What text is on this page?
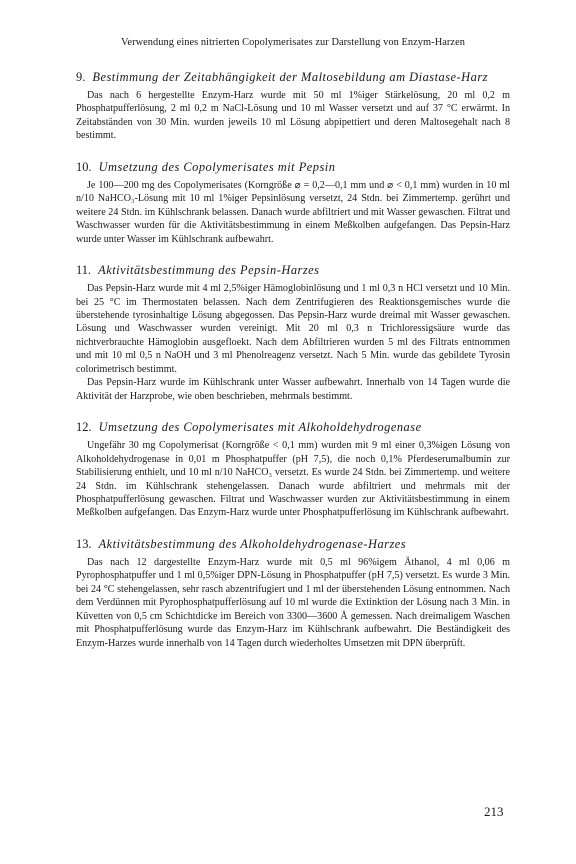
Verwendung eines nitrierten Copolymerisates zur Darstellung von Enzym-Harzen
9. Bestimmung der Zeitabhängigkeit der Maltosebildung am Diastase-Harz

Das nach 6 hergestellte Enzym-Harz wurde mit 50 ml 1%iger Stärkelösung, 20 ml 0,2 m Phosphatpufferlösung, 2 ml 0,2 m NaCl-Lösung und 10 ml Wasser versetzt und auf 37 °C erwärmt. In Zeitabständen von 30 Min. wurden jeweils 10 ml Lösung abpipettiert und deren Maltosegehalt nach 8 bestimmt.

10. Umsetzung des Copolymerisates mit Pepsin

Je 100—200 mg des Copolymerisates (Korngröße ⌀ = 0,2—0,1 mm und ⌀ < 0,1 mm) wurden in 10 ml n/10 NaHCO₃-Lösung mit 10 ml 1%iger Pepsinlösung versetzt, 24 Stdn. bei Zimmertemp. gerührt und weitere 24 Stdn. im Kühlschrank belassen. Danach wurde abfiltriert und mit Wasser gewaschen. Filtrat und Waschwasser wurden für die Aktivitätsbestimmung in einem Meßkolben aufgefangen. Das Pepsin-Harz wurde unter Wasser im Kühlschrank aufbewahrt.

11. Aktivitätsbestimmung des Pepsin-Harzes

Das Pepsin-Harz wurde mit 4 ml 2,5%iger Hämoglobinlösung und 1 ml 0,3 n HCl versetzt und 10 Min. bei 25 °C im Thermostaten belassen. Nach dem Zentrifugieren des Reaktionsgemisches wurde die überstehende tyrosinhaltige Lösung abgegossen. Das Pepsin-Harz wurde dreimal mit Wasser gewaschen. Lösung und Waschwasser wurden vereinigt. Mit 20 ml 0,3 n Trichloressigsäure wurde das nichtverbrauchte Hämoglobin ausgefloekt. Nach dem Abfiltrieren wurden 5 ml des Filtrats entnommen und mit 10 ml 0,5 n NaOH und 3 ml Phenolreagenz versetzt. Nach 5 Min. wurde das gebildete Tyrosin colorimetrisch bestimmt.

Das Pepsin-Harz wurde im Kühlschrank unter Wasser aufbewahrt. Innerhalb von 14 Tagen wurde die Aktivität der Harzprobe, wie oben beschrieben, mehrmals bestimmt.

12. Umsetzung des Copolymerisates mit Alkoholdehydrogenase

Ungefähr 30 mg Copolymerisat (Korngröße < 0,1 mm) wurden mit 9 ml einer 0,3%igen Lösung von Alkoholdehydrogenase in 0,01 m Phosphatpuffer (pH 7,5), die noch 0,1% Pferdeserumalbumin zur Stabilisierung enthielt, und 10 ml n/10 NaHCO₃ versetzt. Es wurde 24 Stdn. bei Zimmertemp. und weitere 24 Stdn. im Kühlschrank stehengelassen. Danach wurde abfiltriert und mehrmals mit der Phosphatpufferlösung gewaschen. Filtrat und Waschwasser wurden zur Aktivitätsbestimmung in einem Meßkolben aufgefangen. Das Enzym-Harz wurde unter Phosphatpufferlösung im Kühlschrank aufbewahrt.

13. Aktivitätsbestimmung des Alkoholdehydrogenase-Harzes

Das nach 12 dargestellte Enzym-Harz wurde mit 0,5 ml 96%igem Äthanol, 4 ml 0,06 m Pyrophosphatpuffer und 1 ml 0,5%iger DPN-Lösung in Phosphatpuffer (pH 7,5) versetzt. Es wurde 3 Min. bei 24 °C stehengelassen, sehr rasch abzentrifugiert und 1 ml der überstehenden Lösung entnommen. Nach dem Verdünnen mit Pyrophosphatpufferlösung auf 10 ml wurde die Extinktion der Lösung nach 3 Min. in Küvetten von 0,5 cm Schichtdicke im Bereich von 3300—3600 Å gemessen. Nach dreimaligem Waschen mit Phosphatpufferlösung wurde das Enzym-Harz im Kühlschrank aufbewahrt. Die Beständigkeit des Enzym-Harzes wurde innerhalb von 14 Tagen durch wiederholtes Umsetzen mit DPN überprüft.

213
